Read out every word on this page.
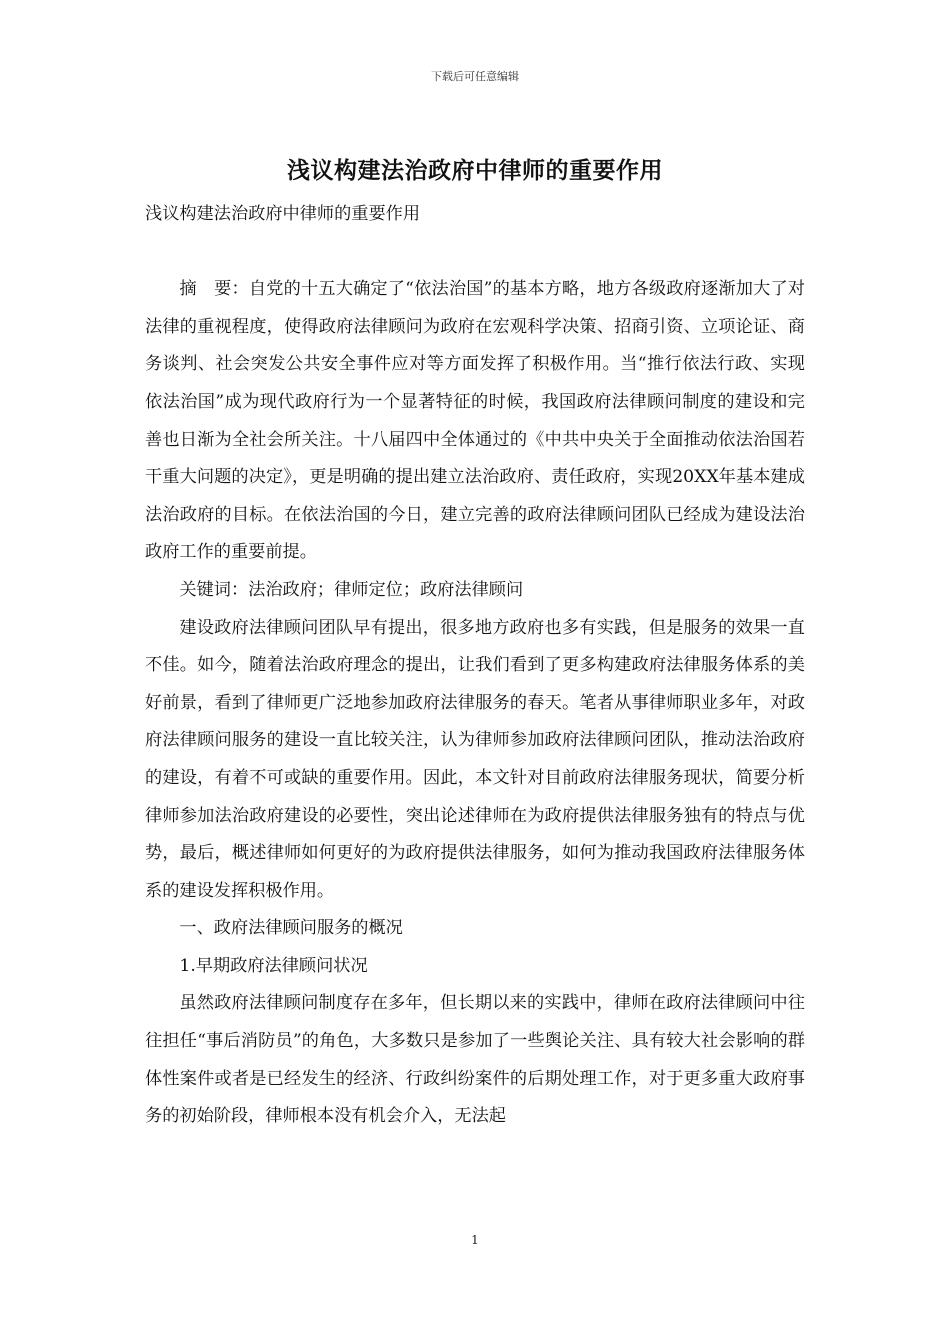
下载后可任意编辑
浅议构建法治政府中律师的重要作用

浅议构建法治政府中律师的重要作用

摘　要：自党的十五大确定了“依法治国”的基本方略，地方各级政府逐渐加大了对法律的重视程度，使得政府法律顾问为政府在宏观科学决策、招商引资、立项论证、商务谈判、社会突发公共安全事件应对等方面发挥了积极作用。当“推行依法行政、实现依法治国”成为现代政府行为一个显著特征的时候，我国政府法律顾问制度的建设和完善也日渐为全社会所关注。十八届四中全体通过的《中共中央关于全面推动依法治国若干重大问题的决定》，更是明确的提出建立法治政府、责任政府，实现20XX年基本建成法治政府的目标。在依法治国的今日，建立完善的政府法律顾问团队已经成为建设法治政府工作的重要前提。

关键词：法治政府；律师定位；政府法律顾问

建设政府法律顾问团队早有提出，很多地方政府也多有实践，但是服务的效果一直不佳。如今，随着法治政府理念的提出，让我们看到了更多构建政府法律服务体系的美好前景，看到了律师更广泛地参加政府法律服务的春天。笔者从事律师职业多年，对政府法律顾问服务的建设一直比较关注，认为律师参加政府法律顾问团队，推动法治政府的建设，有着不可或缺的重要作用。因此，本文针对目前政府法律服务现状，简要分析律师参加法治政府建设的必要性，突出论述律师在为政府提供法律服务独有的特点与优势，最后，概述律师如何更好的为政府提供法律服务，如何为推动我国政府法律服务体系的建设发挥积极作用。

一、政府法律顾问服务的概况

1.早期政府法律顾问状况

虽然政府法律顾问制度存在多年，但长期以来的实践中，律师在政府法律顾问中往往担任“事后消防员”的角色，大多数只是参加了一些舆论关注、具有较大社会影响的群体性案件或者是已经发生的经济、行政纠纷案件的后期处理工作，对于更多重大政府事务的初始阶段，律师根本没有机会介入，无法起

1
